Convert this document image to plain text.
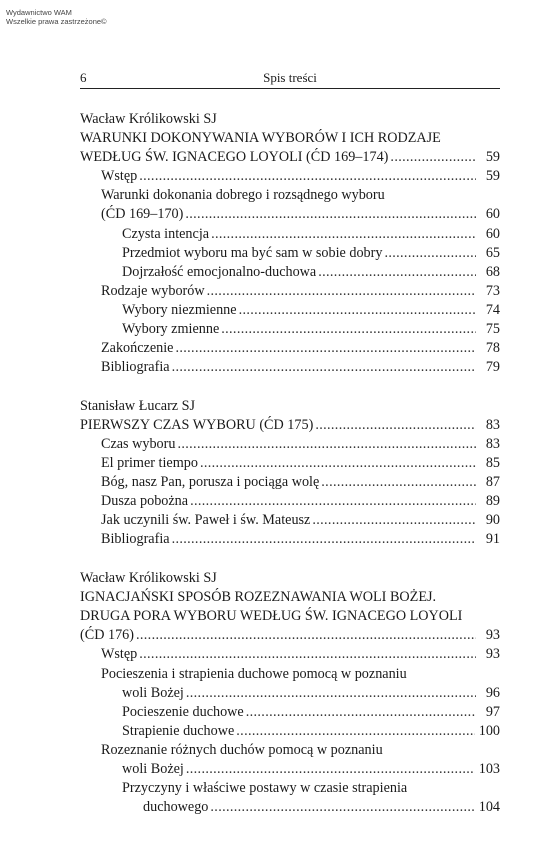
Wydawnictwo WAM
Wszelkie prawa zastrzeżone©
6	Spis treści
Wacław Królikowski SJ
WARUNKI DOKONYWANIA WYBORÓW I ICH RODZAJE
WEDŁUG ŚW. IGNACEGO LOYOLI (ĆD 169–174) . . .	59
Wstęp . . .	59
Warunki dokonania dobrego i rozsądnego wyboru
(ĆD 169–170) . . .	60
Czysta intencja . . .	60
Przedmiot wyboru ma być sam w sobie dobry . . .	65
Dojrzałość emocjonalno-duchowa . . .	68
Rodzaje wyborów . . .	73
Wybory niezmienne . . .	74
Wybory zmienne . . .	75
Zakończenie . . .	78
Bibliografia . . .	79
Stanisław Łucarz SJ
PIERWSZY CZAS WYBORU (ĆD 175) . . .	83
Czas wyboru . . .	83
El primer tiempo . . .	85
Bóg, nasz Pan, porusza i pociąga wolę . . .	87
Dusza pobożna . . .	89
Jak uczynili św. Paweł i św. Mateusz . . .	90
Bibliografia . . .	91
Wacław Królikowski SJ
IGNACJAŃSKI SPOSÓB ROZEZNAWANIA WOLI BOŻEJ.
DRUGA PORA WYBORU WEDŁUG ŚW. IGNACEGO LOYOLI
(ĆD 176) . . .	93
Wstęp . . .	93
Pocieszenia i strapienia duchowe pomocą w poznaniu
woli Bożej . . .	96
Pocieszenie duchowe . . .	97
Strapienie duchowe . . .	100
Rozeznanie różnych duchów pomocą w poznaniu
woli Bożej . . .	103
Przyczyny i właściwe postawy w czasie strapienia
duchowego . . .	104
